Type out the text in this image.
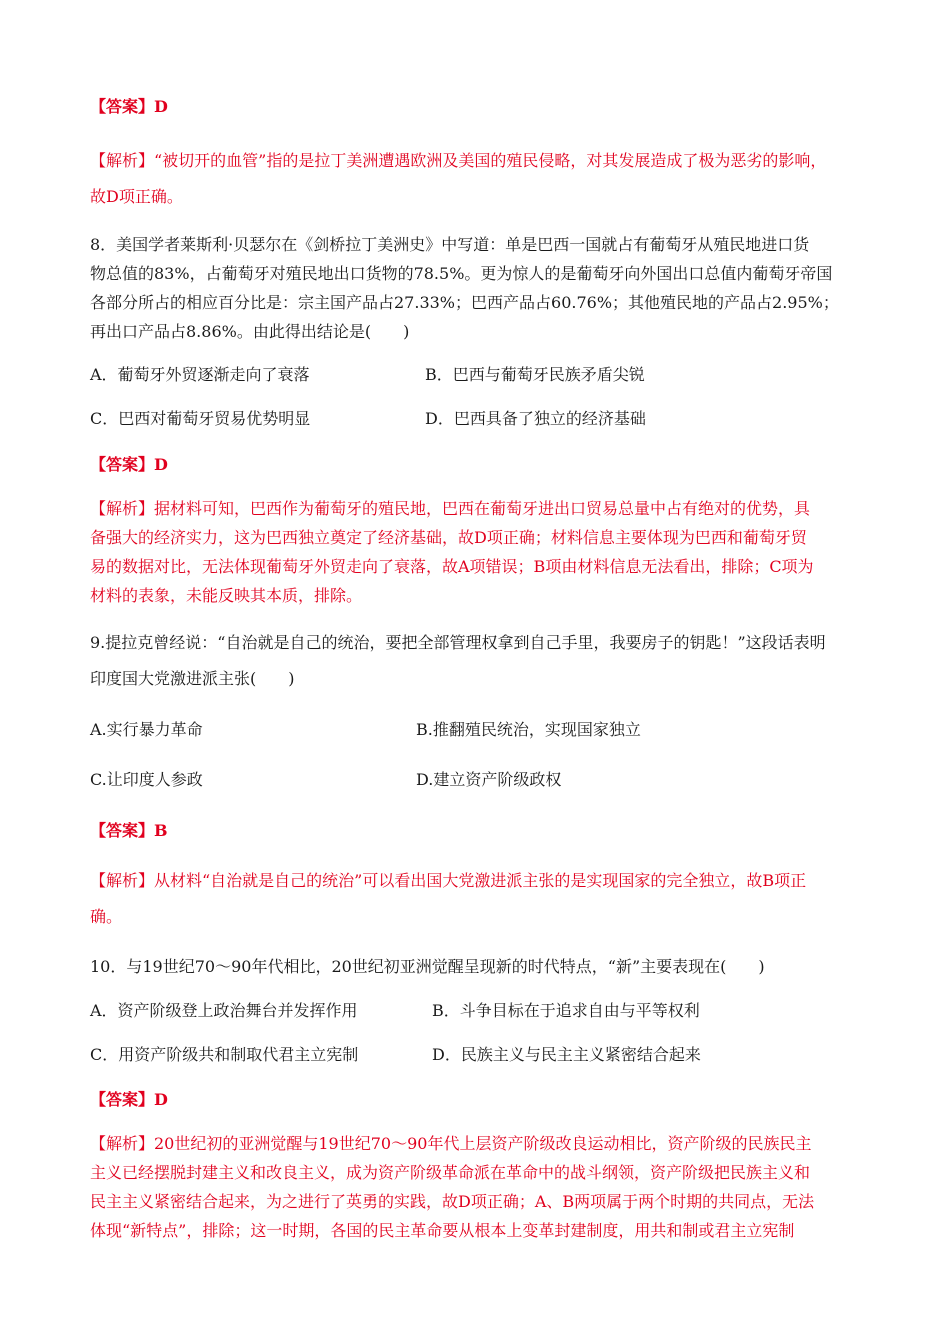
【答案】D
【解析】“被切开的血管”指的是拉丁美洲遭遇欧洲及美国的殖民侵略，对其发展造成了极为恶劣的影响，
故D项正确。
8．美国学者莱斯利·贝瑟尔在《剑桥拉丁美洲史》中写道：单是巴西一国就占有葡萄牙从殖民地进口货
物总值的83%，占葡萄牙对殖民地出口货物的78.5%。更为惊人的是葡萄牙向外国出口总值内葡萄牙帝国
各部分所占的相应百分比是：宗主国产品占27.33%；巴西产品占60.76%；其他殖民地的产品占2.95%；
再出口产品占8.86%。由此得出结论是(　　)
A．葡萄牙外贸逐渐走向了衰落	B．巴西与葡萄牙民族矛盾尖锐
C．巴西对葡萄牙贸易优势明显	D．巴西具备了独立的经济基础
【答案】D
【解析】据材料可知，巴西作为葡萄牙的殖民地，巴西在葡萄牙进出口贸易总量中占有绝对的优势，具
备强大的经济实力，这为巴西独立奠定了经济基础，故D项正确；材料信息主要体现为巴西和葡萄牙贸
易的数据对比，无法体现葡萄牙外贸走向了衰落，故A项错误；B项由材料信息无法看出，排除；C项为
材料的表象，未能反映其本质，排除。
9.提拉克曾经说：“自治就是自己的统治，要把全部管理权拿到自己手里，我要房子的钥匙！”这段话表明
印度国大党激进派主张(　　)
A.实行暴力革命	B.推翻殖民统治，实现国家独立
C.让印度人参政	D.建立资产阶级政权
【答案】B
【解析】从材料“自治就是自己的统治”可以看出国大党激进派主张的是实现国家的完全独立，故B项正
确。
10．与19世纪70～90年代相比，20世纪初亚洲觉醒呈现新的时代特点，“新”主要表现在(　　)
A．资产阶级登上政治舞台并发挥作用	B．斗争目标在于追求自由与平等权利
C．用资产阶级共和制取代君主立宪制	D．民族主义与民主主义紧密结合起来
【答案】D
【解析】20世纪初的亚洲觉醒与19世纪70～90年代上层资产阶级改良运动相比，资产阶级的民族民主
主义已经摆脱封建主义和改良主义，成为资产阶级革命派在革命中的战斗纲领，资产阶级把民族主义和
民主主义紧密结合起来，为之进行了英勇的实践，故D项正确；A、B两项属于两个时期的共同点，无法
体现“新特点”，排除；这一时期，各国的民主革命要从根本上变革封建制度，用共和制或君主立宪制
